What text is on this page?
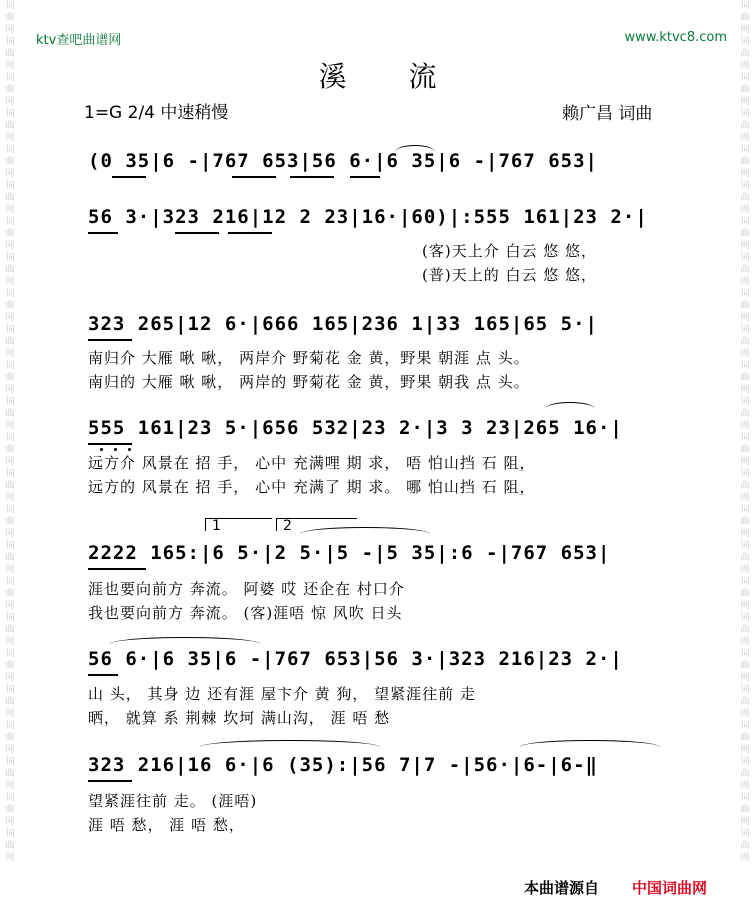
词曲网词曲网词曲网词曲网词曲网词曲网词曲网词曲网词曲网词曲网词曲网词曲网词曲网词曲网词曲网词曲网词曲网词曲网词曲网词曲网词曲网词曲网词曲网词曲网
词曲网词曲网词曲网词曲网词曲网词曲网词曲网词曲网词曲网词曲网词曲网词曲网词曲网词曲网词曲网词曲网词曲网词曲网词曲网词曲网词曲网词曲网词曲网词曲网
ktv查吧曲谱网	www.ktvc8.com
溪流
1=G 2/4 中速稍慢	赖广昌 词曲
(0 35|6 -|767 653|56 6·|6 35|6 -|767 653|
56 3·|323 216|12 2 23|16·|60)|:555 161|23 2·|
(客)天上介 白云 悠 悠，
(普)天上的 白云 悠 悠，
323 265|12 6·|666 165|236 1|33 165|65 5·|
南归介 大雁 啾 啾， 两岸介 野菊花 金 黄，野果 朝涯 点 头。
南归的 大雁 啾 啾， 两岸的 野菊花 金 黄，野果 朝我 点 头。
555 161|23 5·|656 532|23 2·|3 3 23|265 16·|
远方介 风景在 招 手， 心中 充满哩 期 求， 唔 怕山挡 石 阻，
远方的 风景在 招 手， 心中 充满了 期 求。 哪 怕山挡 石 阻，
1	2
2222 165:|6 5·|2 5·|5 -|5 35|:6 -|767 653|
涯也要向前方 奔流。 阿婆 哎 还企在 村口介
我也要向前方 奔流。 (客)涯唔 惊 风吹 日头
56 6·|6 35|6 -|767 653|56 3·|323 216|23 2·|
山 头， 其身 边 还有涯 屋卞介 黄 狗， 望紧涯往前 走
晒， 就算 系 荆棘 坎坷 满山沟， 涯 唔 愁
323 216|16 6·|6 (35):|56 7|7 -|56·|6-|6-‖
望紧涯往前 走。 (涯唔)
涯 唔 愁， 涯 唔 愁，
本曲谱源自 中国词曲网
